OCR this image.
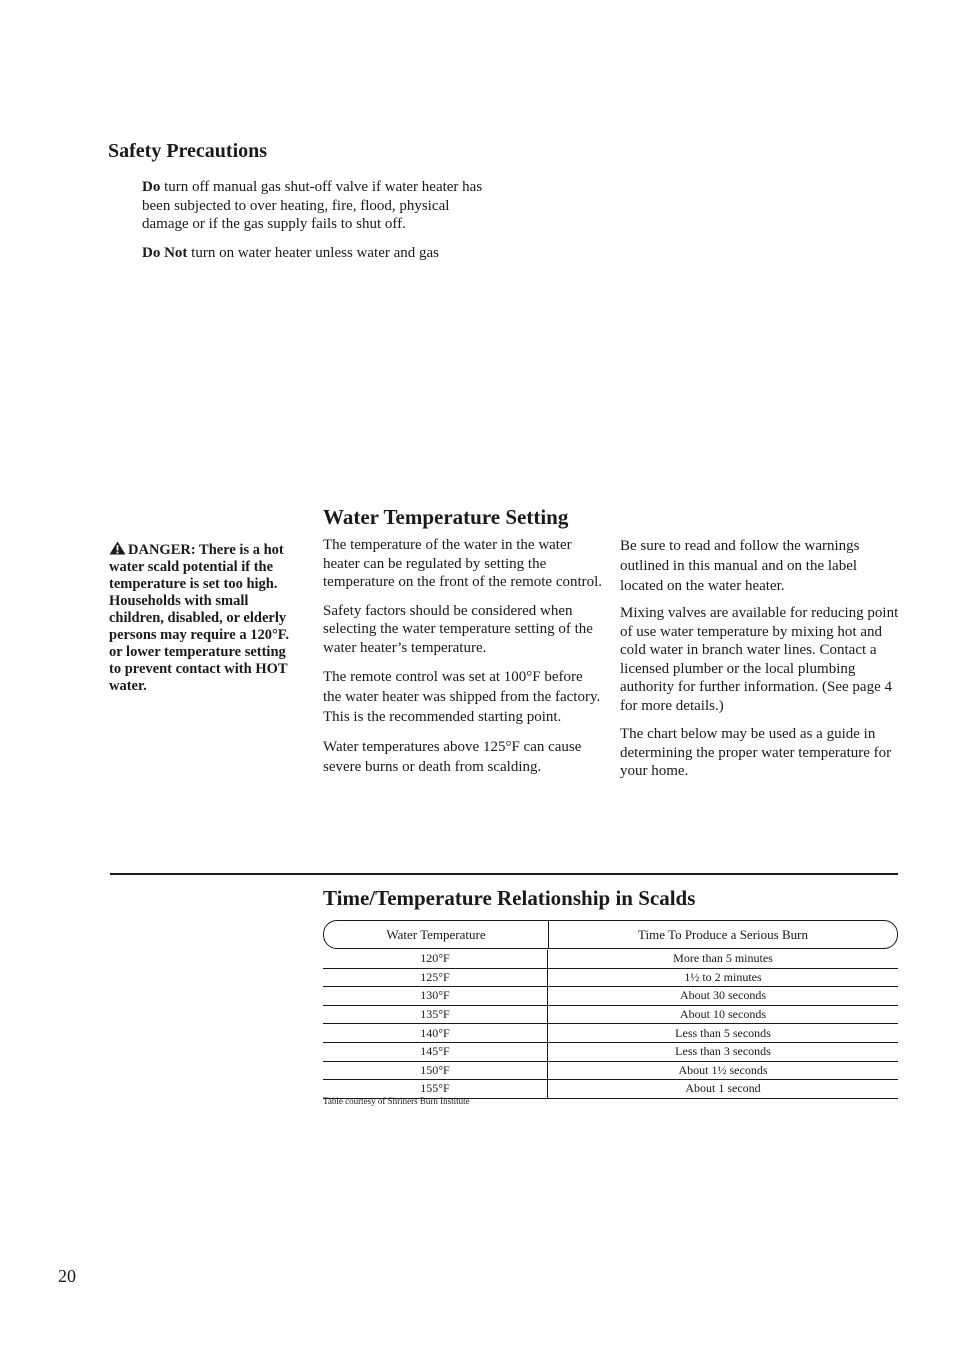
Safety Precautions

Do turn off manual gas shut-off valve if water heater has been subjected to over heating, fire, flood, physical damage or if the gas supply fails to shut off.

Do Not turn on water heater unless water and gas

DANGER: There is a hot water scald potential if the temperature is set too high. Households with small children, disabled, or elderly persons may require a 120°F. or lower temperature setting to prevent contact with HOT water.
Water Temperature Setting

The temperature of the water in the water heater can be regulated by setting the temperature on the front of the remote control.

Safety factors should be considered when selecting the water temperature setting of the water heater’s temperature.

The remote control was set at 100°F before the water heater was shipped from the factory. This is the recommended starting point.

Water temperatures above 125°F can cause severe burns or death from scalding.

Be sure to read and follow the warnings outlined in this manual and on the label located on the water heater.

Mixing valves are available for reducing point of use water temperature by mixing hot and cold water in branch water lines. Contact a licensed plumber or the local plumbing authority for further information. (See page 4 for more details.)

The chart below may be used as a guide in determining the proper water temperature for your home.

Time/Temperature Relationship in Scalds
Water Temperature	Time To Produce a Serious Burn
120°F	More than 5 minutes
125°F	1½ to 2 minutes
130°F	About 30 seconds
135°F	About 10 seconds
140°F	Less than 5 seconds
145°F	Less than 3 seconds
150°F	About 1½ seconds
155°F	About 1 second
Table courtesy of Shriners Burn Institute
20
